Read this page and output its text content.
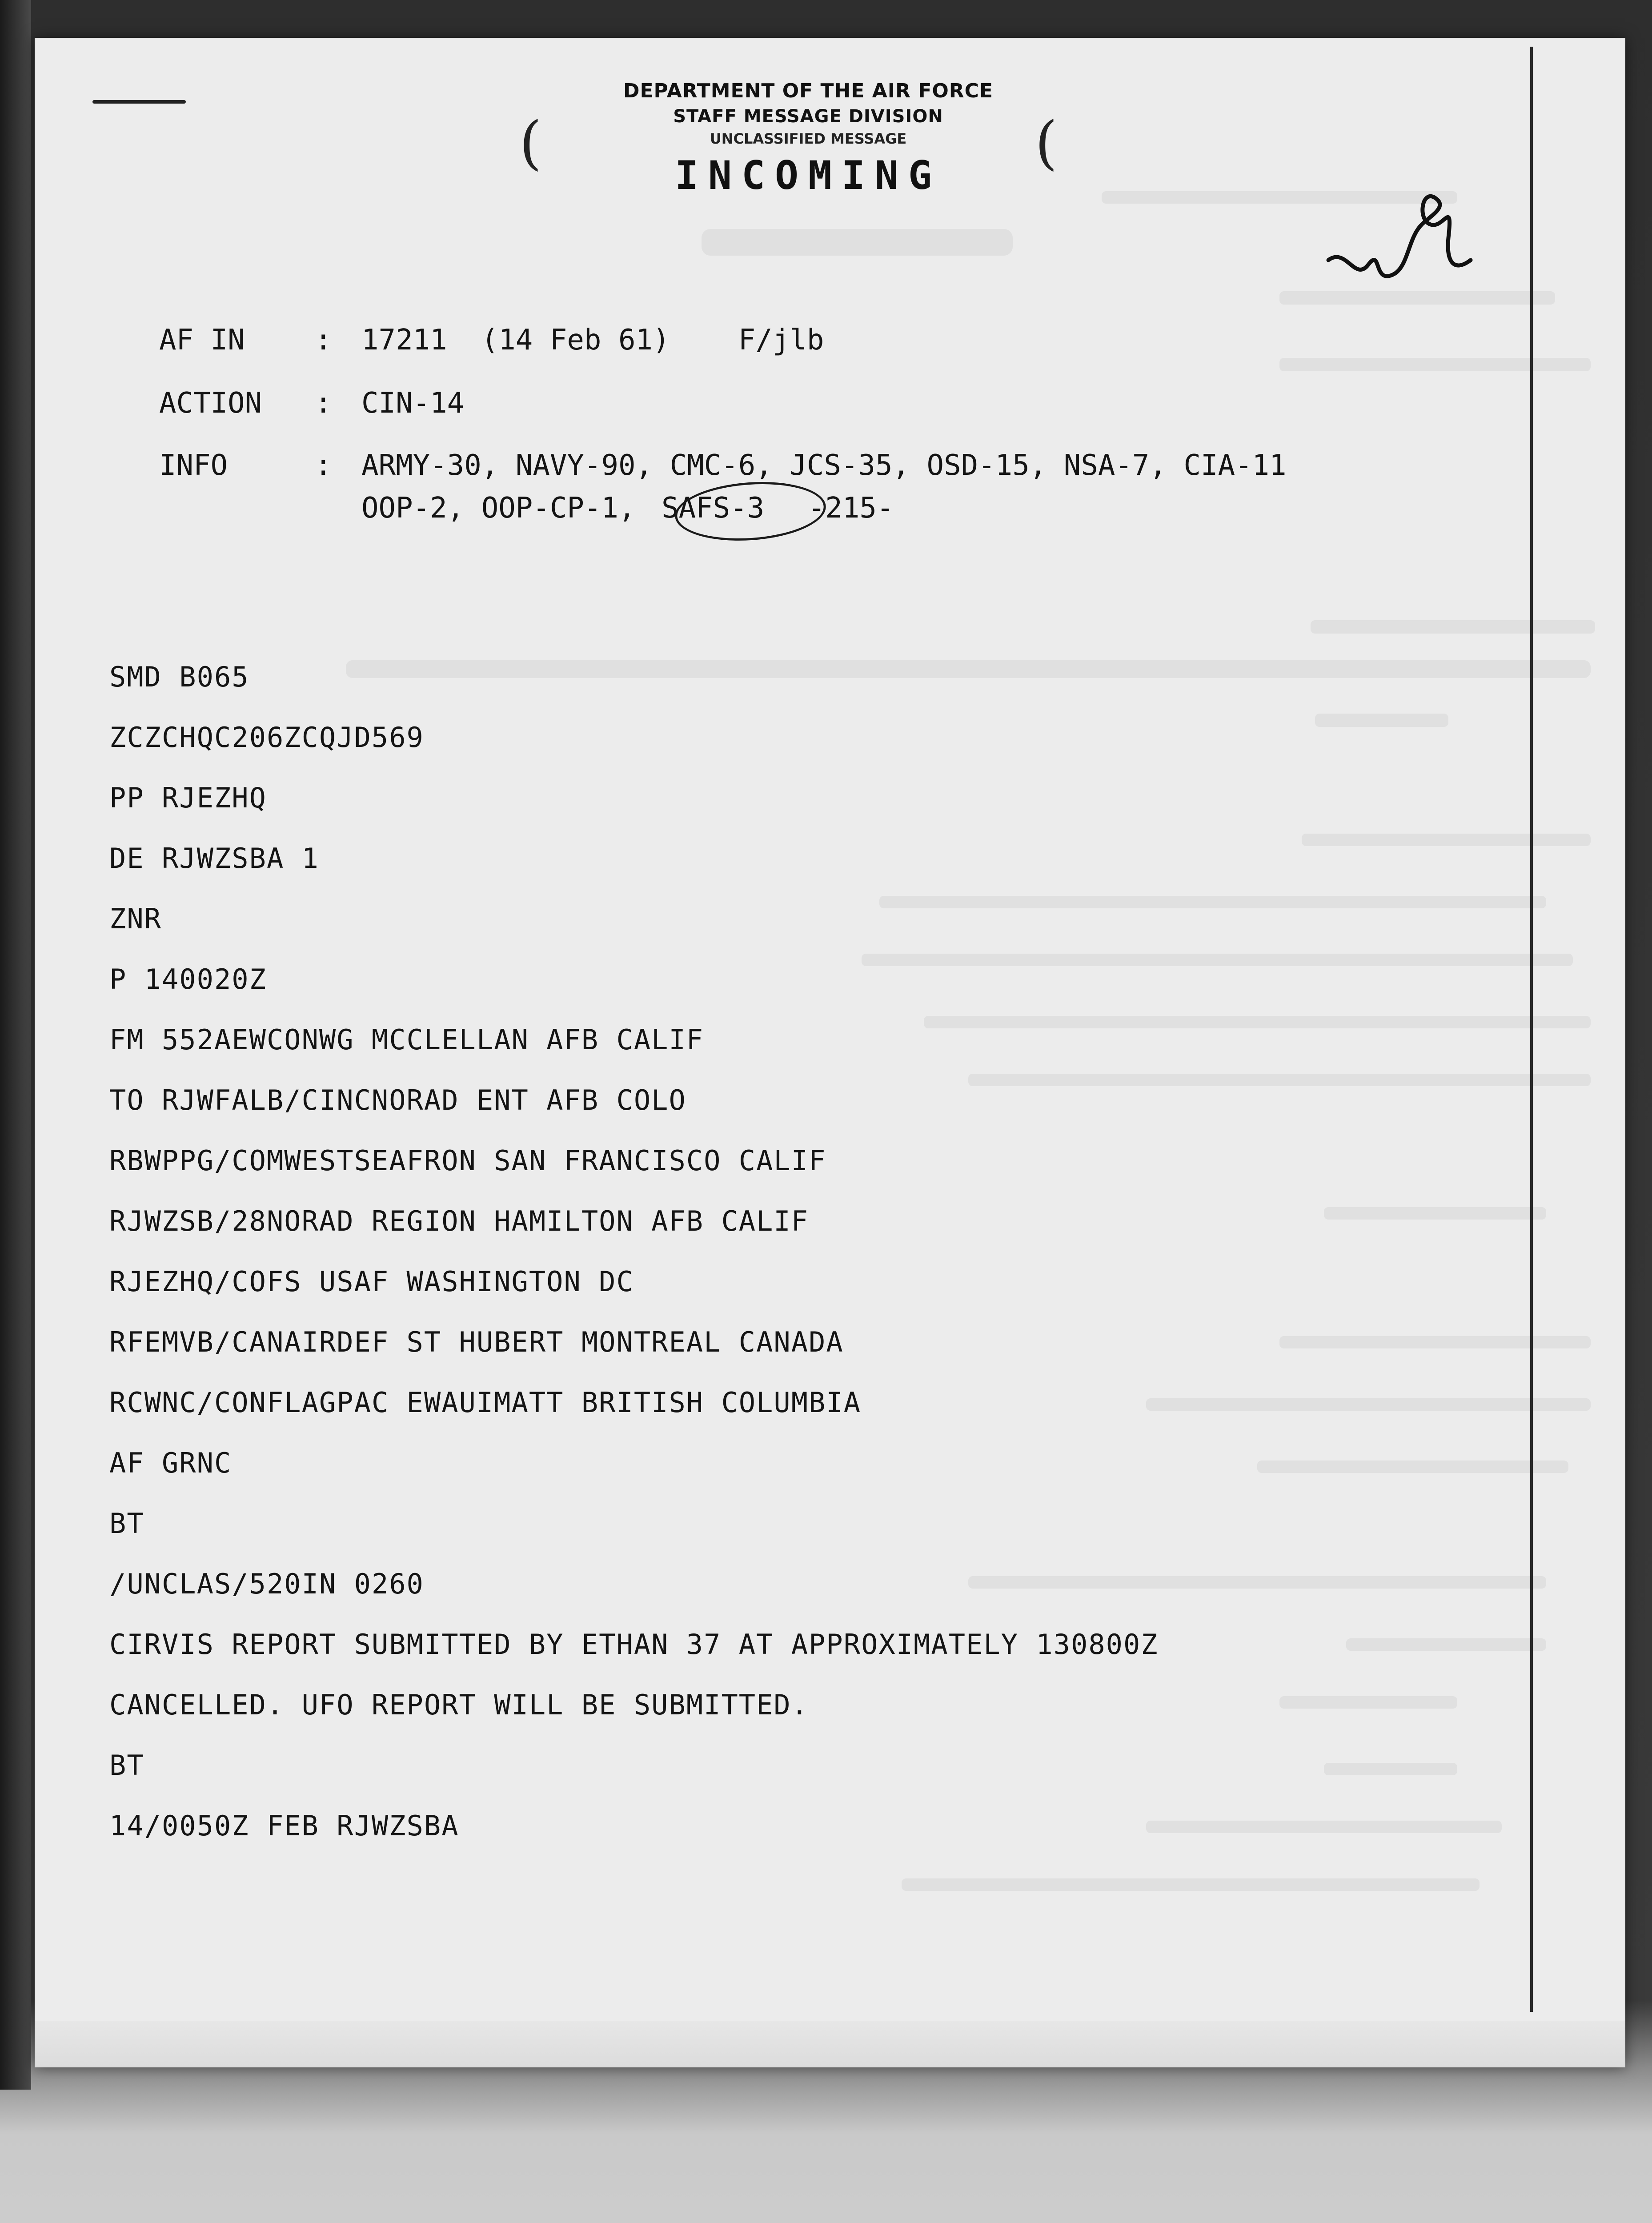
DEPARTMENT OF THE AIR FORCE
STAFF MESSAGE DIVISION
UNCLASSIFIED MESSAGE
INCOMING
(	(
AF IN : 17211  (14 Feb 61)    F/jlb
ACTION : CIN-14
INFO	: ARMY-30, NAVY-90, CMC-6, JCS-35, OSD-15, NSA-7, CIA-11
OOP-2, OOP-CP-1, SAFS-3 -215-
SMD B065
ZCZCHQC206ZCQJD569
PP RJEZHQ
DE RJWZSBA 1
ZNR
P 140020Z
FM 552AEWCONWG MCCLELLAN AFB CALIF
TO RJWFALB/CINCNORAD ENT AFB COLO
RBWPPG/COMWESTSEAFRON SAN FRANCISCO CALIF
RJWZSB/28NORAD REGION HAMILTON AFB CALIF
RJEZHQ/COFS USAF WASHINGTON DC
RFEMVB/CANAIRDEF ST HUBERT MONTREAL CANADA
RCWNC/CONFLAGPAC EWAUIMATT BRITISH COLUMBIA
AF GRNC
BT
/UNCLAS/520IN 0260
CIRVIS REPORT SUBMITTED BY ETHAN 37 AT APPROXIMATELY 130800Z
CANCELLED. UFO REPORT WILL BE SUBMITTED.
BT
14/0050Z FEB RJWZSBA
